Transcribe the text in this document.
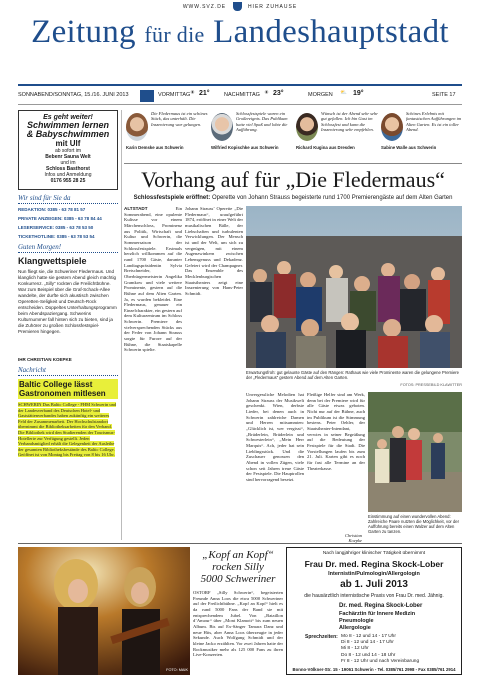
WWW.SVZ.DE	HIER ZUHAUSE
Zeitung für die Landeshauptstadt
SONNABEND/SONNTAG, 15./16. JUNI 2013	VORMITTAG ☀ 21°	NACHMITTAG ☀ 23°	MORGEN ⛅ 19°	SEITE 17
Es geht weiter!
Schwimmen lernen
& Babyschwimmen
mit Ulf
ab sofort im
Bebenr Sauna Welt
und im
Schloss Basthorst
Infos und Anmeldung
0176 955 28 25
Wir sind für Sie da
REDAKTION: 0385 - 63 78 81 57
PRIVATE ANZEIGEN: 0385 - 63 78 84 44
LESERSERVICE: 0385 - 63 78 53 50
TICKETHOTLINE: 0385 - 63 78 53 54
Guten Morgen!
Klangwettspiele
Nun fliegt sie, die Schweriner Fledermaus. Und klanglich hatte sie gestern Abend gleich mächtig Konkurrenz. „Silly“ rockten die Freilichtbühne. War zum Beispiel über die Graf-Schack-Allee wandelte, der durfte sich akustisch zwischen Operetten-Seligkeit und Deutsch-Rock entscheiden. Doppeltes Unterhaltungsprogramm beim Abendspaziergang. Schwerins Kulturnummer fall hinten sich zu bieten, sind ja die Zuhörer zu großen Schlossfestspiel-Premieren hingegen.
IHR CHRISTIAN KOEPKE
Nachricht
Baltic College lässt Gastronomen mitlesen
SCHWERIN Das Baltic College - FHM Schwerin und der Landesverband des Deutschen Hotel- und Gaststättenverbandes haben zukünftig ein weiteres Feld der Zusammenarbeit. Der Hochschulstandort übernimmt die Bibliotheksarbeiten für den Verband. Die Bibliothek wird den Studierenden der Tourismus-Hotellerie zur Verfügung gestellt. Jeden Verbandsmitglied erhält die Gelegenheit der Ausleihe der gesamten Bibliotheksbestände des Baltic College. Geöffnet ist von Montag bis Freitag von 8 bis 16 Uhr.
Die Fledermaus ist ein schönes Stück, das unterhält. Die Inszenierung war gelungen.
Karin Demske aus Schwerin
Schlossfestspiele waren ein Großereignis. Das Publikum hatte viel Spaß und lobte die Aufführung.
Wilfried Kopischke aus Schwerin
Wünsch ist der Abend sehr sehr gut gefallen. Ich bin Gast im Schlossfest und kann die Inszenierung sehr empfehlen.
Richard Kugina aus Dresden
Schönes Erlebnis mit fantastischen Aufführungen im Alten Garten. Es ist ein toller Abend.
Sabine Walle aus Schwerin
Vorhang auf für „Die Fledermaus“
Schlossfestspiele eröffnet: Operette von Johann Strauss begeisterte rund 1700 Premierengäste auf dem Alten Garten
ALTSTADT	Ein Sommerabend, eine opulente Kulisse vor einem Märchenschloss, Prominenz aus Politik, Wirtschaft und Kultur und Schwerin, die Sommersaison der Schlossfestspiele. Erstmals herzlich willkommen auf die rund 1700 Gäste, darunter Landtagspräsidentin Sylvia Bretschneider, Oberbürgermeisterin Angelika Gramkow und viele weitere Prominente, gestern auf die Bühne auf dem Alten Garten. Ja, es wurden bekleidet. Eine Fledermaus, genauer ein Einzelcharakter, ein gestern auf dem Kulturzentrum im Schloss Schwerin. Premiere des vielversprechenden Stücks aus der Feder von Johann Strauss sorgte für Furore auf der Bühne, die Staatskapelle Schwerin spielte.
Johann Strauss’ Operette „Die Fledermaus“, uraufgeführt 1874, eröffnet in einer Welt der musikalischen Bälle, der Liebschaften und turbulenten Verwicklungen. Der Mensch ist und der Welt, um sich zu vergnügen, mit einem Augenzwinkern zwischen Lebensgenuss und Dekadenz. Gefeiert wird der Champagner. Das Ensemble des Mecklenburgischen Staatstheaters zeigt eine Inszenierung von Hans-Peter Schmidt.
Erwartungsfroh: gut gelaunte Gäste auf den Rängen: Rathaus wie viele Prominente waren die gelungene Premiere der „Fledermaus“ gestern Abend auf dem Alten Garten.
FOTOS: PRESSEBILD KLAWITTER
Unvergessliche Melodien hat Johann Strauss der Musikwelt geschenkt. Wien, derbste Lieder, bei denen auch in Schwerin zahlreiche Damen und Herren mitsummten: „Glücklich ist, wer vergisst“, „Brüderlein, Brüderlein und Schwesterlein“, „Mein Herr Marquis“. Ach, jeder hat sein Lieblingsstück. Und die Zuschauer genossen den Abend in vollen Zügen, viele schon seit Jahren treue Gäste der Festspiele. Die Hauptrollen sind hervorragend besetzt.
Fleißige Helfer sind am Werk, denn bei der Premiere wird für alle Gäste etwas geboten. Nicht nur auf der Bühne, auch im Publikum ist die Stimmung bestens. Peter Oehler, der Staatstheater-Intendant, verwies in seiner Begrüßung auf die Bedeutung der Festspiele für die Stadt. Die Vorstellungen laufen bis zum 21. Juli. Karten gibt es noch für fast alle Termine an der Theaterkasse.
Einstimmung auf einen wundervollen Abend: Zahlreiche Paare nutzten die Möglichkeit, vor der Aufführung bereits einen Walzer auf dem Alten Garten zu tanzen.
Christian Koepke
„Kopf an Kopf“
rocken Silly
5000 Schweriner
OSTORF „Silly Schwerin“, begeisterten Freunde Anna Loos die etwa 5000 Schweriner auf der Freilichtbühne. „Kopf an Kopf“ hielt es da rund 5000 Fans der Band sie mit entsprechendem Jubel. Von „Bataillon d’Amour“ über „Mont Klamott“ bis zum neuen Album. Bis auf Ex-Sänger Tamara Danz und neue Hits, aber Anna Loos überzeugte in jeder Sekunde. Auch Wolfgang Schmidt und der kleine Jacko erzählten. Vor zwei Jahren hatte der Rockmusiker mehr als 125 000 Fans zu ihren Live-Konzerten.
FOTO: MAIK
Nach langjähriger klinischer Tätigkeit übernimmt
Frau Dr. med. Regina Skock-Lober
Internistin/Pulmologin/Allergologin
ab 1. Juli 2013
die hausärztlich internistische Praxis von Frau Dr. med. Jähnig.
Dr. med. Regina Skock-Lober
Fachärztin für Innere Medizin
Pneumologie
Allergologie
Sprechzeiten: Mo 8 - 12 und 14 - 17 Uhr
Di 8 - 12 und 14 - 17 Uhr
Mi 8 - 12 Uhr
Do 8 - 12 und 14 - 18 Uhr
Fr 8 - 12 Uhr und nach Vereinbarung
Bonno-Völkner-Str. 15 - 19061 Schwerin - Tel. 0385/761 2998 - Fax 0385/761 2914
